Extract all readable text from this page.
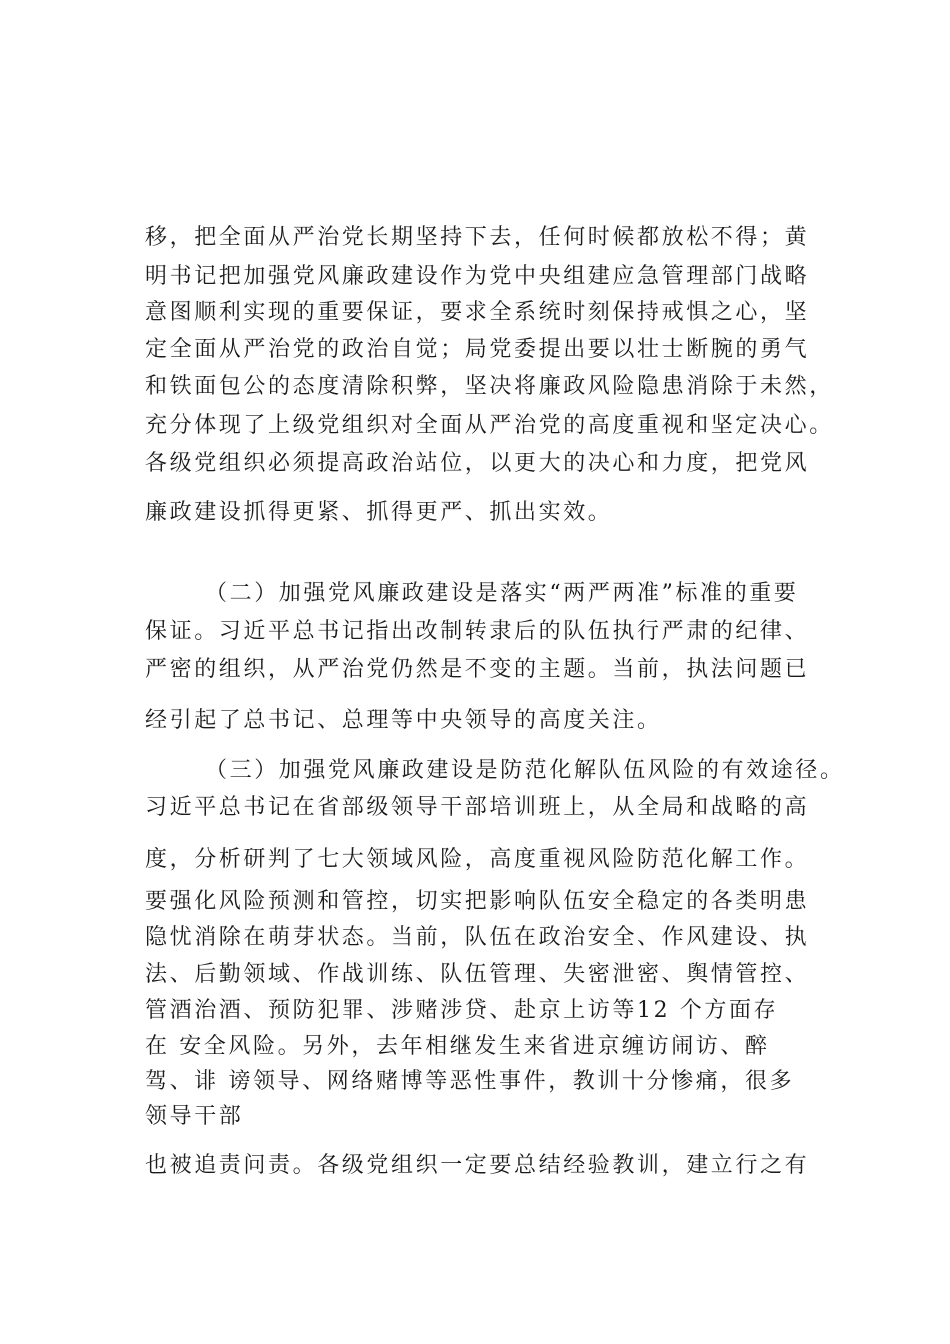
移，把全面从严治党长期坚持下去，任何时候都放松不得；黄

明书记把加强党风廉政建设作为党中央组建应急管理部门战略

意图顺利实现的重要保证，要求全系统时刻保持戒惧之心，坚

定全面从严治党的政治自觉；局党委提出要以壮士断腕的勇气

和铁面包公的态度清除积弊，坚决将廉政风险隐患消除于未然，

充分体现了上级党组织对全面从严治党的高度重视和坚定决心。

各级党组织必须提高政治站位，以更大的决心和力度，把党风

廉政建设抓得更紧、抓得更严、抓出实效。

（二）加强党风廉政建设是落实“两严两准”标准的重要

保证。习近平总书记指出改制转隶后的队伍执行严肃的纪律、

严密的组织，从严治党仍然是不变的主题。当前，执法问题已

经引起了总书记、总理等中央领导的高度关注。

（三）加强党风廉政建设是防范化解队伍风险的有效途径。

习近平总书记在省部级领导干部培训班上，从全局和战略的高

度，分析研判了七大领域风险，高度重视风险防范化解工作。

要强化风险预测和管控，切实把影响队伍安全稳定的各类明患

隐忧消除在萌芽状态。当前，队伍在政治安全、作风建设、执

法、后勤领域、作战训练、队伍管理、失密泄密、舆情管控、

管酒治酒、预防犯罪、涉赌涉贷、赴京上访等12 个方面存

在 安全风险。另外，去年相继发生来省进京缠访闹访、醉

驾、诽 谤领导、网络赌博等恶性事件，教训十分惨痛，很多

领导干部

也被追责问责。各级党组织一定要总结经验教训，建立行之有
